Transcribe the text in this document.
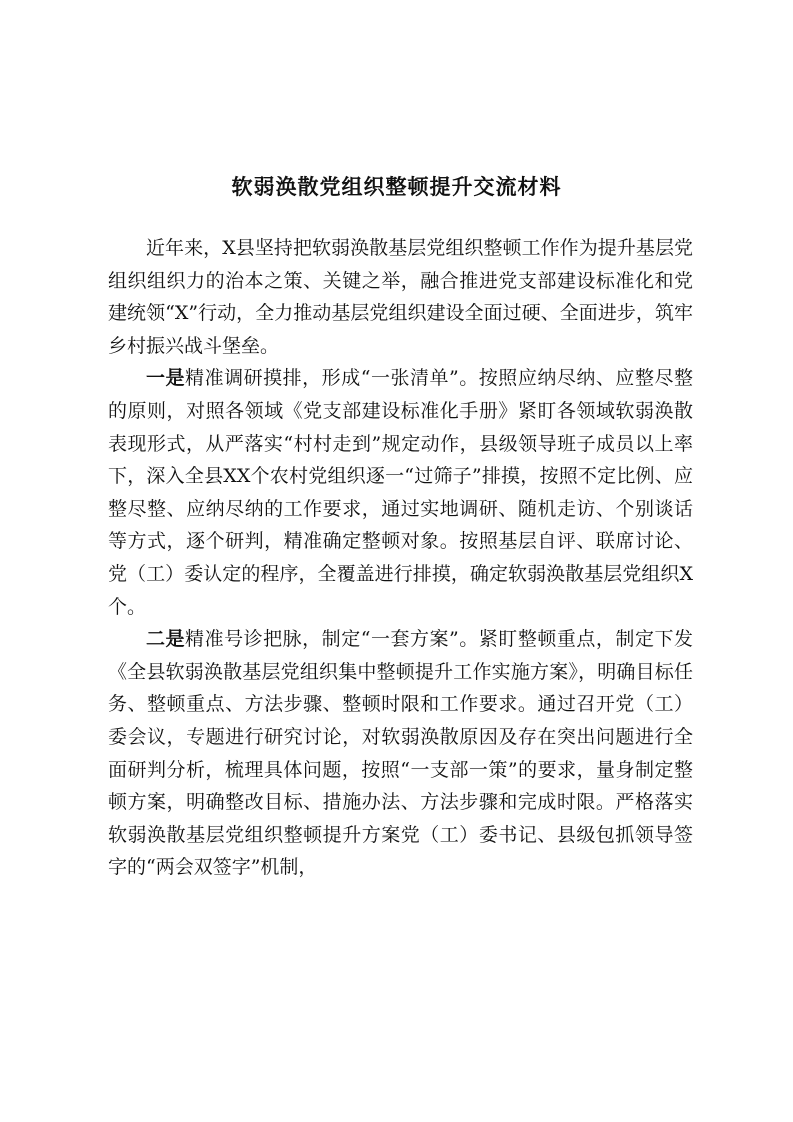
软弱涣散党组织整顿提升交流材料

近年来，X县坚持把软弱涣散基层党组织整顿工作作为提升基层党组织组织力的治本之策、关键之举，融合推进党支部建设标准化和党建统领“X”行动，全力推动基层党组织建设全面过硬、全面进步，筑牢乡村振兴战斗堡垒。

一是精准调研摸排，形成“一张清单”。按照应纳尽纳、应整尽整的原则，对照各领域《党支部建设标准化手册》紧盯各领域软弱涣散表现形式，从严落实“村村走到”规定动作，县级领导班子成员以上率下，深入全县XX个农村党组织逐一“过筛子”排摸，按照不定比例、应整尽整、应纳尽纳的工作要求，通过实地调研、随机走访、个别谈话等方式，逐个研判，精准确定整顿对象。按照基层自评、联席讨论、党（工）委认定的程序，全覆盖进行排摸，确定软弱涣散基层党组织X个。

二是精准号诊把脉，制定“一套方案”。紧盯整顿重点，制定下发《全县软弱涣散基层党组织集中整顿提升工作实施方案》，明确目标任务、整顿重点、方法步骤、整顿时限和工作要求。通过召开党（工）委会议，专题进行研究讨论，对软弱涣散原因及存在突出问题进行全面研判分析，梳理具体问题，按照“一支部一策”的要求，量身制定整顿方案，明确整改目标、措施办法、方法步骤和完成时限。严格落实软弱涣散基层党组织整顿提升方案党（工）委书记、县级包抓领导签字的“两会双签字”机制，
